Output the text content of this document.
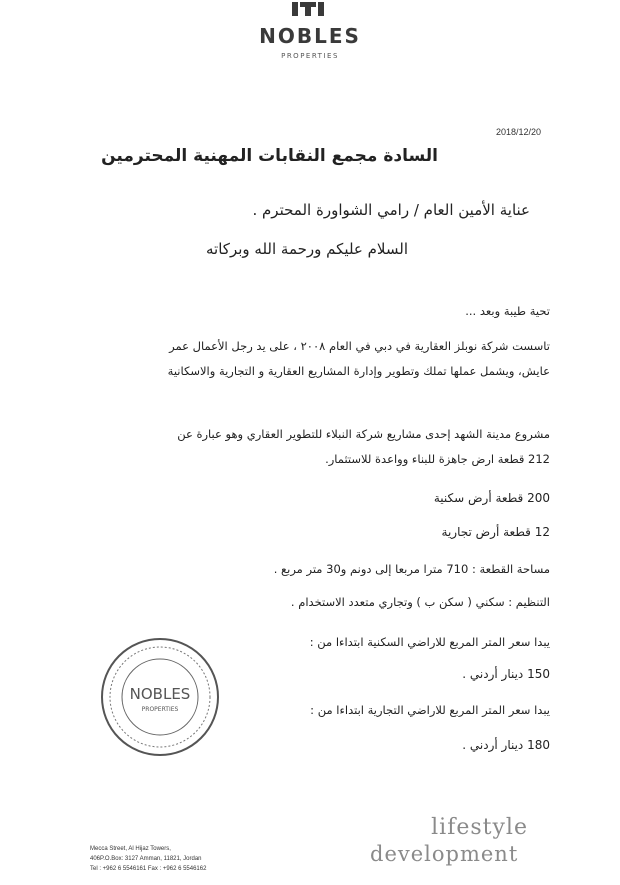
NOBLES
PROPERTIES
2018/12/20
السادة مجمع النقابات المهنية المحترمين
عناية الأمين العام / رامي الشواورة المحترم .
السلام عليكم ورحمة الله وبركاته
تحية طيبة وبعد ...
تاسست شركة نوبلز العقارية في دبي في العام ٢٠٠٨ ، على يد رجل الأعمال عمر
عايش، ويشمل عملها تملك وتطوير وإدارة المشاريع العقارية و التجارية والاسكانية
مشروع مدينة الشهد إحدى مشاريع شركة النبلاء للتطوير العقاري وهو عبارة عن
212 قطعة ارض جاهزة للبناء وواعدة للاستثمار.
200 قطعة أرض سكنية
12 قطعة أرض تجارية
مساحة القطعة : 710 مترا مربعا إلى دونم و30 متر مربع .
التنظيم : سكني ( سكن ب ) وتجاري متعدد الاستخدام .
يبدا سعر المتر المربع للاراضي السكنية ابتداءا من :
150 دينار أردني .
يبدا سعر المتر المربع للاراضي التجارية ابتداءا من :
180 دينار أردني .
NOBLES
PROPERTIES
Mecca Street, Al Hijaz Towers,
406P.O.Box: 3127 Amman, 11821, Jordan
Tel : +962 6 5546161 Fax : +962 6 5546162
lifestyle
development
